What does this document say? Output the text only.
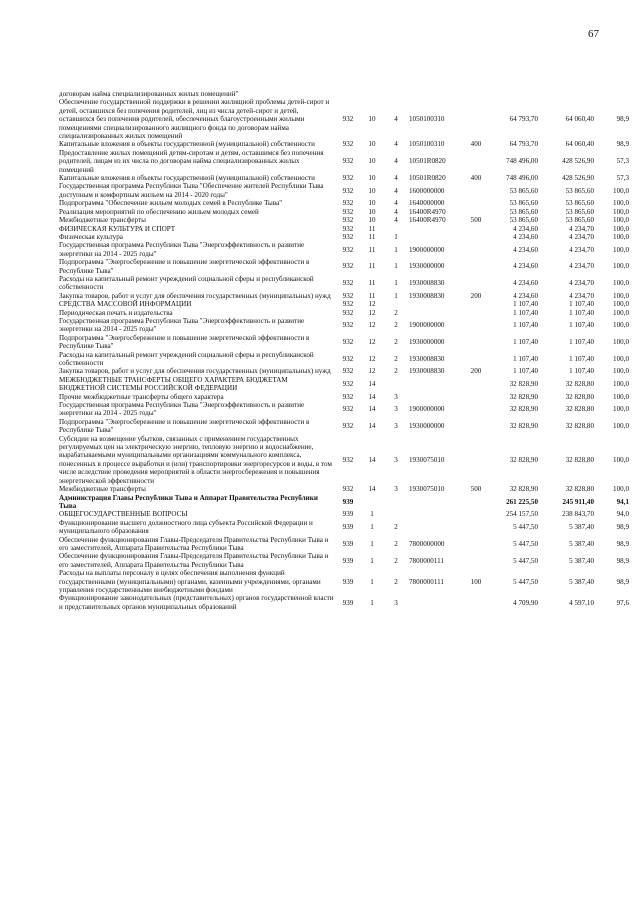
67
договорам найма специализированных жилых помещений"								
Обеспечение государственной поддержки в решении жилищной проблемы детей-сирот и детей, оставшихся без попечения родителей, лиц из числа детей-сирот и детей, оставшихся без попечения родителей, обеспеченных благоустроенными жилыми помещениями специализированного жилищного фонда по договорам найма специализированных жилых помещений	932	10	4	1050100310		64 793,70	64 060,40	98,9
Капитальные вложения в объекты государственной (муниципальной) собственности	932	10	4	1050100310	400	64 793,70	64 060,40	98,9
Предоставление жилых помещений детям-сиротам и детям, оставшимся без попечения родителей, лицам из их числа по договорам найма специализированных жилых помещений	932	10	4	10501R0820		748 496,00	428 526,90	57,3
Капитальные вложения в объекты государственной (муниципальной) собственности	932	10	4	10501R0820	400	748 496,00	428 526,90	57,3
Государственная программа Республики Тыва "Обеспечение жителей Республики Тыва доступным и комфортным жильем на 2014 - 2020 годы"	932	10	4	1600000000		53 865,60	53 865,60	100,0
Подпрограмма "Обеспечение жильем молодых семей в Республике Тыва"	932	10	4	1640000000		53 865,60	53 865,60	100,0
Реализация мероприятий по обеспечению жильем молодых семей	932	10	4	16400R4970		53 865,60	53 865,60	100,0
Межбюджетные трансферты	932	10	4	16400R4970	500	53 865,60	53 865,60	100,0
ФИЗИЧЕСКАЯ КУЛЬТУРА И СПОРТ	932	11				4 234,60	4 234,70	100,0
Физическая культура	932	11	1			4 234,60	4 234,70	100,0
Государственная программа Республики Тыва "Энергоэффективность и развитие энергетики на 2014 - 2025 годы"	932	11	1	1900000000		4 234,60	4 234,70	100,0
Подпрограмма "Энергосбережение и повышение энергетической эффективности в Республике Тыва"	932	11	1	1930000000		4 234,60	4 234,70	100,0
Расходы на капитальный ремонт учреждений социальной сферы и республиканской собственности	932	11	1	1930008830		4 234,60	4 234,70	100,0
Закупка товаров, работ и услуг для обеспечения государственных (муниципальных) нужд	932	11	1	1930008830	200	4 234,60	4 234,70	100,0
СРЕДСТВА МАССОВОЙ ИНФОРМАЦИИ	932	12				1 107,40	1 107,40	100,0
Периодическая печать и издательства	932	12	2			1 107,40	1 107,40	100,0
Государственная программа Республики Тыва "Энергоэффективность и развитие энергетики на 2014 - 2025 годы"	932	12	2	1900000000		1 107,40	1 107,40	100,0
Подпрограмма "Энергосбережение и повышение энергетической эффективности в Республике Тыва"	932	12	2	1930000000		1 107,40	1 107,40	100,0
Расходы на капитальный ремонт учреждений социальной сферы и республиканской собственности	932	12	2	1930008830		1 107,40	1 107,40	100,0
Закупка товаров, работ и услуг для обеспечения государственных (муниципальных) нужд	932	12	2	1930008830	200	1 107,40	1 107,40	100,0
МЕЖБЮДЖЕТНЫЕ ТРАНСФЕРТЫ ОБЩЕГО ХАРАКТЕРА БЮДЖЕТАМ БЮДЖЕТНОЙ СИСТЕМЫ РОССИЙСКОЙ ФЕДЕРАЦИИ	932	14				32 828,90	32 828,80	100,0
Прочие межбюджетные трансферты общего характера	932	14	3			32 828,90	32 828,80	100,0
Государственная программа Республики Тыва "Энергоэффективность и развитие энергетики на 2014 - 2025 годы"	932	14	3	1900000000		32 828,90	32 828,80	100,0
Подпрограмма "Энергосбережение и повышение энергетической эффективности в Республике Тыва"	932	14	3	1930000000		32 828,90	32 828,80	100,0
Субсидии на возмещение убытков, связанных с применением государственных регулируемых цен на электрическую энергию, тепловую энергию и водоснабжение, вырабатываемыми муниципальными организациями коммунального комплекса, понесенных в процессе выработки и (или) транспортировки энергоресурсов и воды, в том числе вследствие проведения мероприятий в области энергосбережения и повышения энергетической эффективности	932	14	3	1930075010		32 828,90	32 828,80	100,0
Межбюджетные трансферты	932	14	3	1930075010	500	32 828,90	32 828,80	100,0
Администрация Главы Республики Тыва и Аппарат Правительства Республики Тыва	939					261 225,50	245 911,40	94,1
ОБЩЕГОСУДАРСТВЕННЫЕ ВОПРОСЫ	939	1				254 157,50	238 843,70	94,0
Функционирование высшего должностного лица субъекта Российской Федерации и муниципального образования	939	1	2			5 447,50	5 387,40	98,9
Обеспечение функционирования Главы-Председателя Правительства Республики Тыва и его заместителей, Аппарата Правительства Республики Тыва	939	1	2	7800000000		5 447,50	5 387,40	98,9
Обеспечение функционирования Главы-Председателя Правительства Республики Тыва и его заместителей, Аппарата Правительства Республики Тыва	939	1	2	7800000111		5 447,50	5 387,40	98,9
Расходы на выплаты персоналу в целях обеспечения выполнения функций государственными (муниципальными) органами, казенными учреждениями, органами управления государственными внебюджетными фондами	939	1	2	7800000111	100	5 447,50	5 387,40	98,9
Функционирование законодательных (представительных) органов государственной власти и представительных органов муниципальных образований	939	1	3			4 709,90	4 597,10	97,6
